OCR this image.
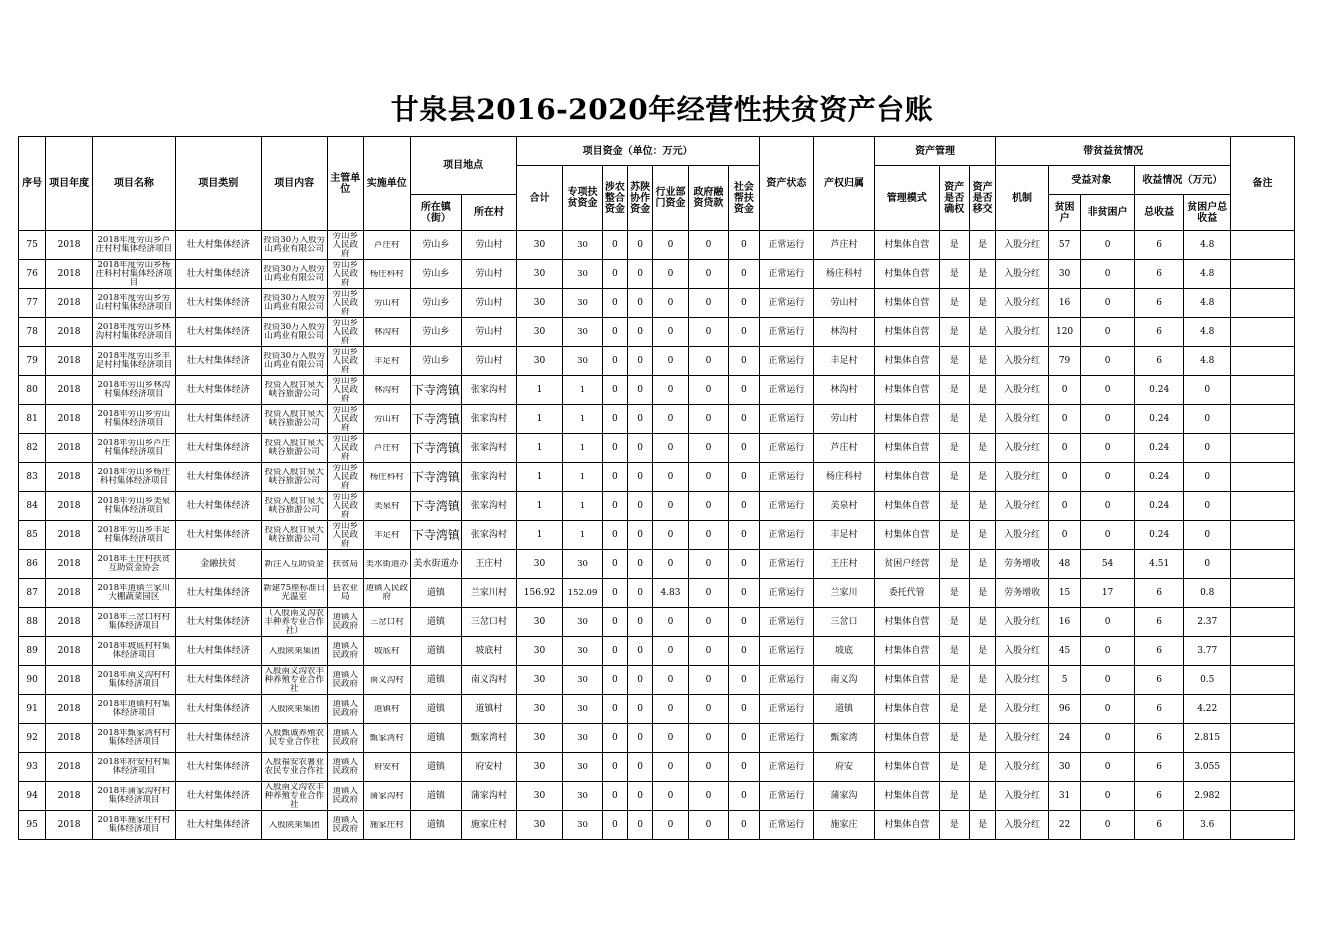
甘泉县2016-2020年经营性扶贫资产台账
序号	项目年度	项目名称	项目类别	项目内容	主管单位	实施单位	项目地点		项目资金（单位：万元）							资产状态	产权归属	资产管理			带贫益贫情况					备注
									合计	专项扶贫资金	涉农整合资金	苏陕协作资金	行业部门资金	政府融资贷款	社会帮扶资金			管理模式	资产是否确权	资产是否移交	机制	受益对象		收益情况（万元）		
							所在镇（街）	所在村														贫困户	非贫困户	总收益	贫困户总收益	
75	2018	2018年度劳山乡芦庄村村集体经济项目	壮大村集体经济	投资30万入股劳山鸡业有限公司	劳山乡人民政府	芦庄村	劳山乡	劳山村	30	30	0	0	0	0	0	正常运行	芦庄村	村集体自营	是	是	入股分红	57	0	6	4.8	
76	2018	2018年度劳山乡杨庄科村村集体经济项目	壮大村集体经济	投资30万入股劳山鸡业有限公司	劳山乡人民政府	杨庄科村	劳山乡	劳山村	30	30	0	0	0	0	0	正常运行	杨庄科村	村集体自营	是	是	入股分红	30	0	6	4.8	
77	2018	2018年度劳山乡劳山村村集体经济项目	壮大村集体经济	投资30万入股劳山鸡业有限公司	劳山乡人民政府	劳山村	劳山乡	劳山村	30	30	0	0	0	0	0	正常运行	劳山村	村集体自营	是	是	入股分红	16	0	6	4.8	
78	2018	2018年度劳山乡林沟村村集体经济项目	壮大村集体经济	投资30万入股劳山鸡业有限公司	劳山乡人民政府	林沟村	劳山乡	劳山村	30	30	0	0	0	0	0	正常运行	林沟村	村集体自营	是	是	入股分红	120	0	6	4.8	
79	2018	2018年度劳山乡丰足村村集体经济项目	壮大村集体经济	投资30万入股劳山鸡业有限公司	劳山乡人民政府	丰足村	劳山乡	劳山村	30	30	0	0	0	0	0	正常运行	丰足村	村集体自营	是	是	入股分红	79	0	6	4.8	
80	2018	2018年劳山乡林沟村集体经济项目	壮大村集体经济	投资入股甘泉大峡谷旅游公司	劳山乡人民政府	林沟村	下寺湾镇	张家沟村	1	1	0	0	0	0	0	正常运行	林沟村	村集体自营	是	是	入股分红	0	0	0.24	0	
81	2018	2018年劳山乡劳山村集体经济项目	壮大村集体经济	投资入股甘泉大峡谷旅游公司	劳山乡人民政府	劳山村	下寺湾镇	张家沟村	1	1	0	0	0	0	0	正常运行	劳山村	村集体自营	是	是	入股分红	0	0	0.24	0	
82	2018	2018年劳山乡芦庄村集体经济项目	壮大村集体经济	投资入股甘泉大峡谷旅游公司	劳山乡人民政府	芦庄村	下寺湾镇	张家沟村	1	1	0	0	0	0	0	正常运行	芦庄村	村集体自营	是	是	入股分红	0	0	0.24	0	
83	2018	2018年劳山乡杨庄科村集体经济项目	壮大村集体经济	投资入股甘泉大峡谷旅游公司	劳山乡人民政府	杨庄科村	下寺湾镇	张家沟村	1	1	0	0	0	0	0	正常运行	杨庄科村	村集体自营	是	是	入股分红	0	0	0.24	0	
84	2018	2018年劳山乡美泉村集体经济项目	壮大村集体经济	投资入股甘泉大峡谷旅游公司	劳山乡人民政府	美泉村	下寺湾镇	张家沟村	1	1	0	0	0	0	0	正常运行	美泉村	村集体自营	是	是	入股分红	0	0	0.24	0	
85	2018	2018年劳山乡丰足村集体经济项目	壮大村集体经济	投资入股甘泉大峡谷旅游公司	劳山乡人民政府	丰足村	下寺湾镇	张家沟村	1	1	0	0	0	0	0	正常运行	丰足村	村集体自营	是	是	入股分红	0	0	0.24	0	
86	2018	2018年王庄村扶贫互助资金协会	金融扶贫	新注入互助资金	扶贫局	美水街道办	美水街道办	王庄村	30	30	0	0	0	0	0	正常运行	王庄村	贫困户经营	是	是	劳务增收	48	54	4.51	0	
87	2018	2018年道镇兰家川大棚蔬菜园区	壮大村集体经济	新建75座标准日光温室	县农业局	道镇人民政府	道镇	兰家川村	156.92	152.09	0	0	4.83	0	0	正常运行	兰家川	委托代管	是	是	劳务增收	15	17	6	0.8	
88	2018	2018年三岔口村村集体经济项目	壮大村集体经济	（入股南义沟农丰种养专业合作社）	道镇人民政府	三岔口村	道镇	三岔口村	30	30	0	0	0	0	0	正常运行	三岔口	村集体自营	是	是	入股分红	16	0	6	2.37	
89	2018	2018年坡底村村集体经济项目	壮大村集体经济	入股陕果集团	道镇人民政府	坡底村	道镇	坡底村	30	30	0	0	0	0	0	正常运行	坡底	村集体自营	是	是	入股分红	45	0	6	3.77	
90	2018	2018年南义沟村村集体经济项目	壮大村集体经济	入股南义沟农丰种养殖专业合作社	道镇人民政府	南义沟村	道镇	南义沟村	30	30	0	0	0	0	0	正常运行	南义沟	村集体自营	是	是	入股分红	5	0	6	0.5	
91	2018	2018年道镇村村集体经济项目	壮大村集体经济	入股陕果集团	道镇人民政府	道镇村	道镇	道镇村	30	30	0	0	0	0	0	正常运行	道镇	村集体自营	是	是	入股分红	96	0	6	4.22	
92	2018	2018年甄家湾村村集体经济项目	壮大村集体经济	入股甄诚养殖农民专业合作社	道镇人民政府	甄家湾村	道镇	甄家湾村	30	30	0	0	0	0	0	正常运行	甄家湾	村集体自营	是	是	入股分红	24	0	6	2.815	
93	2018	2018年府安村村集体经济项目	壮大村集体经济	入股福安农薯业农民专业合作社	道镇人民政府	府安村	道镇	府安村	30	30	0	0	0	0	0	正常运行	府安	村集体自营	是	是	入股分红	30	0	6	3.055	
94	2018	2018年蒲家沟村村集体经济项目	壮大村集体经济	入股南义沟农丰种养殖专业合作社	道镇人民政府	蒲家沟村	道镇	蒲家沟村	30	30	0	0	0	0	0	正常运行	蒲家沟	村集体自营	是	是	入股分红	31	0	6	2.982	
95	2018	2018年施家庄村村集体经济项目	壮大村集体经济	入股陕果集团	道镇人民政府	施家庄村	道镇	施家庄村	30	30	0	0	0	0	0	正常运行	施家庄	村集体自营	是	是	入股分红	22	0	6	3.6	
